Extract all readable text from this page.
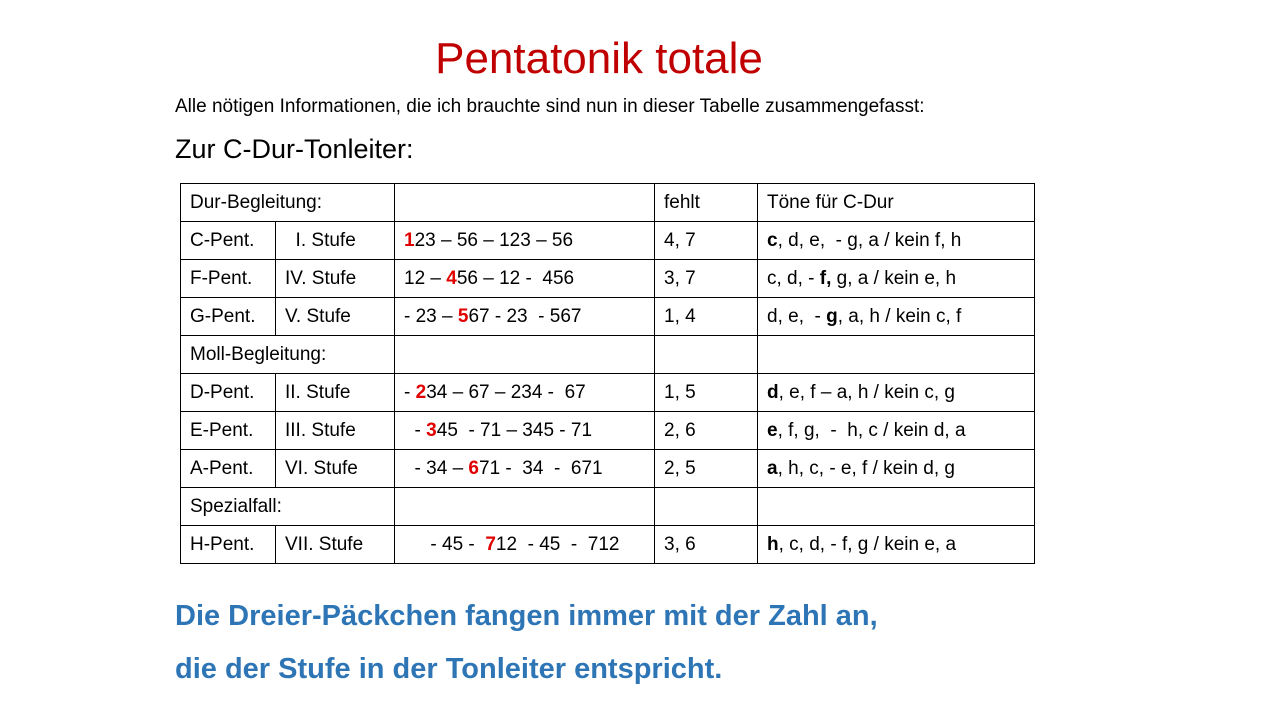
Pentatonik totale
Alle nötigen Informationen, die ich brauchte sind nun in dieser Tabelle zusammengefasst:
Zur C-Dur-Tonleiter:
Dur-Begleitung:			fehlt	Töne für C-Dur
C-Pent.	I. Stufe	123 – 56 – 123 – 56	4, 7	c, d, e,  - g, a / kein f, h
F-Pent.	IV. Stufe	12 – 456 – 12 -  456	3, 7	c, d, - f, g, a / kein e, h
G-Pent.	V. Stufe	- 23 – 567 - 23  - 567	1, 4	d, e,  - g, a, h / kein c, f
Moll-Begleitung:				
D-Pent.	II. Stufe	- 234 – 67 – 234 -  67	1, 5	d, e, f – a, h / kein c, g
E-Pent.	III. Stufe	- 345  - 71 – 345 - 71	2, 6	e, f, g,  -  h, c / kein d, a
A-Pent.	VI. Stufe	- 34 – 671 -  34  -  671	2, 5	a, h, c, - e, f / kein d, g
Spezialfall:				
H-Pent.	VII. Stufe	- 45 -  712  - 45  -  712	3, 6	h, c, d, - f, g / kein e, a
Die Dreier-Päckchen fangen immer mit der Zahl an,
die der Stufe in der Tonleiter entspricht.
